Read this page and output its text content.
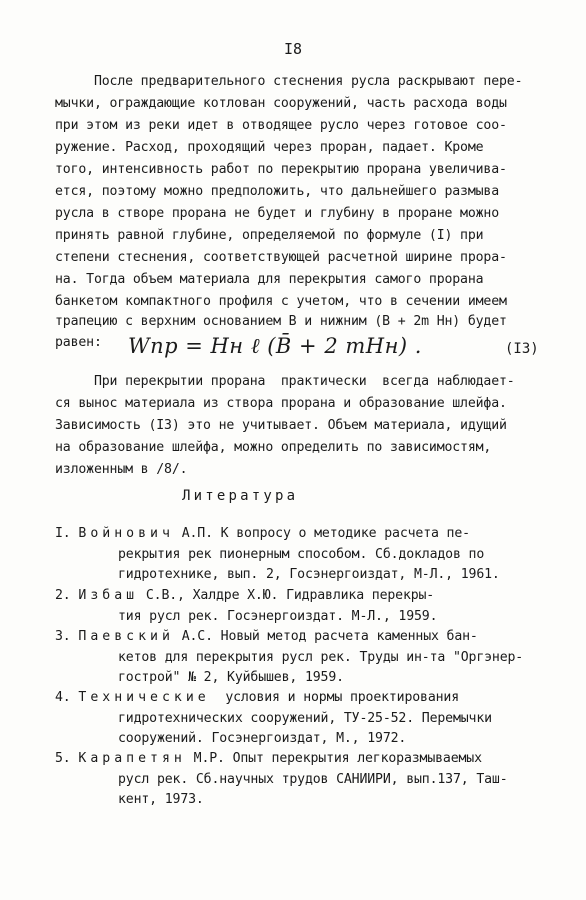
I8
После предварительного стеснения русла раскрывают пере-
мычки, ограждающие котлован сооружений, часть расхода воды
при этом из реки идет в отводящее русло через готовое соо-
ружение. Расход, проходящий через проран, падает. Кроме
того, интенсивность работ по перекрытию прорана увеличива-
ется, поэтому можно предположить, что дальнейшего размыва
русла в створе прорана не будет и глубину в проране можно
принять равной глубине, определяемой по формуле (I) при
степени стеснения, соответствующей расчетной ширине прора-
на. Тогда объем материала для перекрытия самого прорана
банкетом компактного профиля с учетом, что в сечении имеем
трапецию с верхним основанием В и нижним (В + 2m Hн) будет
равен: Wпр = Hн ℓ (B̄ + 2 mHн) .	(I3)
При перекрытии прорана  практически  всегда наблюдает-
ся вынос материала из створа прорана и образование шлейфа.
Зависимость (I3) это не учитывает. Объем материала, идущий
на образование шлейфа, можно определить по зависимостям,
изложенным в /8/.
Литература
I. Войнович А.П. К вопросу о методике расчета пе-
рекрытия рек пионерным способом. Сб.докладов по
гидротехнике, вып. 2, Госэнергоиздат, М-Л., 1961.
2. Избаш С.В., Халдре Х.Ю. Гидравлика перекры-
тия русл рек. Госэнергоиздат. М-Л., 1959.
3. Паевский А.С. Новый метод расчета каменных бан-
кетов для перекрытия русл рек. Труды ин-та "Оргэнер-
гострой" № 2, Куйбышев, 1959.
4. Технические  условия и нормы проектирования
гидротехнических сооружений, ТУ-25-52. Перемычки
сооружений. Госэнергоиздат, М., 1972.
5. Карапетян М.Р. Опыт перекрытия легкоразмываемых
русл рек. Сб.научных трудов САНИИРИ, вып.137, Таш-
кент, 1973.
